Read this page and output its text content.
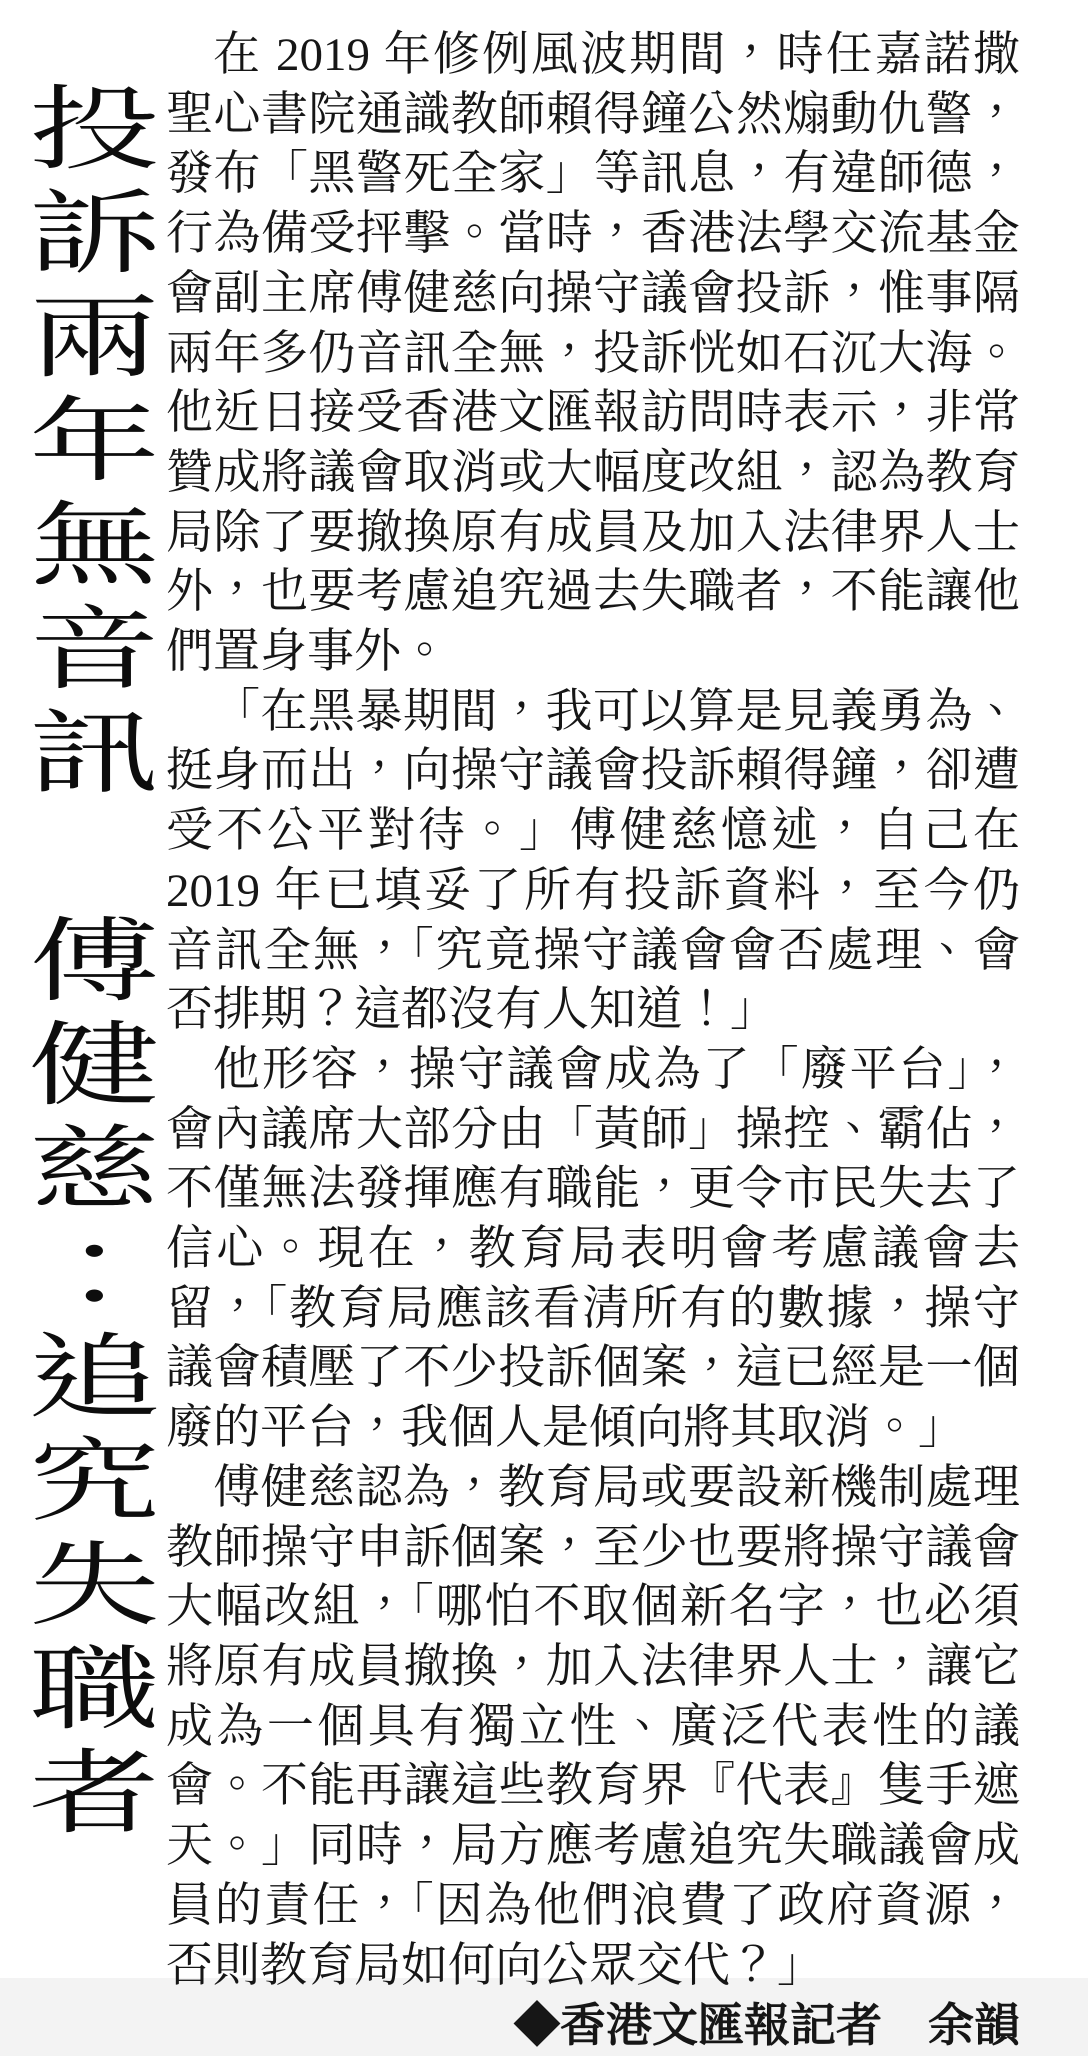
投訴兩年無音訊　傅健慈：追究失職者

在 2019 年修例風波期間，時任嘉諾撒聖心書院通識教師賴得鐘公然煽動仇警，發布「黑警死全家」等訊息，有違師德，行為備受抨擊。當時，香港法學交流基金會副主席傅健慈向操守議會投訴，惟事隔兩年多仍音訊全無，投訴恍如石沉大海。他近日接受香港文匯報訪問時表示，非常贊成將議會取消或大幅度改組，認為教育局除了要撤換原有成員及加入法律界人士外，也要考慮追究過去失職者，不能讓他們置身事外。

「在黑暴期間，我可以算是見義勇為、挺身而出，向操守議會投訴賴得鐘，卻遭受不公平對待。」傅健慈憶述，自己在 2019 年已填妥了所有投訴資料，至今仍音訊全無，「究竟操守議會會否處理、會否排期？這都沒有人知道！」

他形容，操守議會成為了「廢平台」，會內議席大部分由「黃師」操控、霸佔，不僅無法發揮應有職能，更令市民失去了信心。現在，教育局表明會考慮議會去留，「教育局應該看清所有的數據，操守議會積壓了不少投訴個案，這已經是一個廢的平台，我個人是傾向將其取消。」

傅健慈認為，教育局或要設新機制處理教師操守申訴個案，至少也要將操守議會大幅改組，「哪怕不取個新名字，也必須將原有成員撤換，加入法律界人士，讓它成為一個具有獨立性、廣泛代表性的議會。不能再讓這些教育界『代表』隻手遮天。」同時，局方應考慮追究失職議會成員的責任，「因為他們浪費了政府資源，否則教育局如何向公眾交代？」

◆香港文匯報記者　余韻
